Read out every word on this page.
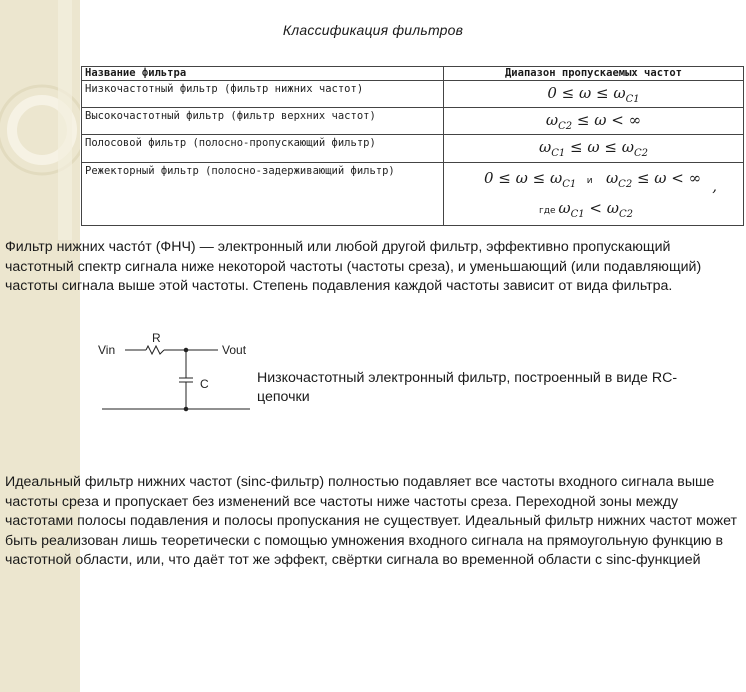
Классификация фильтров
Название фильтра	Диапазон пропускаемых частот
Низкочастотный фильтр (фильтр нижних частот)	$0 \le \omega \le \omega_{C1}$
Высокочастотный фильтр (фильтр верхних частот)	$\omega_{C2} \le \omega$ < ∞
Полосовой фильтр (полосно-пропускающий фильтр)	$\omega_{C1} \le \omega \le \omega_{C2}$
Режекторный фильтр (полосно-задерживающий фильтр)	$0 \le \omega \le \omega_{C1}$   и    $\omega_{C2} \le \omega$ < ∞ ,
где $\omega_{C1} < \omega_{C2}$

Фильтр нижних часто́т (ФНЧ) — электронный или любой другой фильтр, эффективно пропускающий частотный спектр сигнала ниже некоторой частоты (частоты среза), и уменьшающий (или подавляющий) частоты сигнала выше этой частоты. Степень подавления каждой частоты зависит от вида фильтра.

Vin	Vout
R
C	Низкочастотный электронный фильтр, построенный в виде RC-цепочки

Идеальный фильтр нижних частот (sinc-фильтр) полностью подавляет все частоты входного сигнала выше частоты среза и пропускает без изменений все частоты ниже частоты среза. Переходной зоны между частотами полосы подавления и полосы пропускания не существует. Идеальный фильтр нижних частот может быть реализован лишь теоретически с помощью умножения входного сигнала на прямоугольную функцию в частотной области, или, что даёт тот же эффект, свёртки сигнала во временной области с sinc-функцией
